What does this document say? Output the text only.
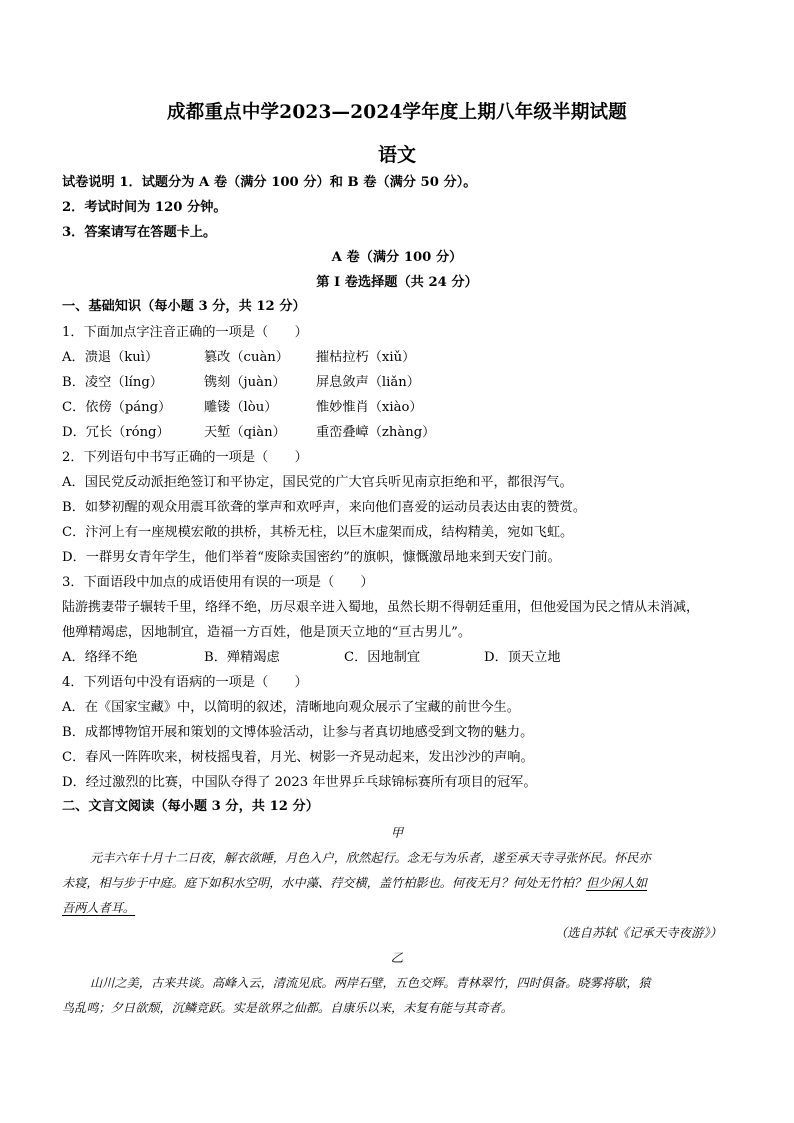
成都重点中学2023—2024学年度上期八年级半期试题
语文
试卷说明 1．试题分为 A 卷（满分 100 分）和 B 卷（满分 50 分）。
2．考试时间为 120 分钟。
3．答案请写在答题卡上。
A 卷（满分 100 分）
第 I 卷选择题（共 24 分）
一、基础知识（每小题 3 分，共 12 分）
1．下面加点字注音正确的一项是（　　）
A．溃退（kuì）	篡改（cuàn） 摧枯拉朽（xiǔ）
B．凌空（líng）	镌刻（juàn） 屏息敛声（liǎn）
C．依傍（páng） 雕镂（lòu）	惟妙惟肖（xiào）
D．冗长（róng）	天堑（qiàn） 重峦叠嶂（zhàng）
2．下列语句中书写正确的一项是（　　）
A．国民党反动派拒绝签订和平协定，国民党的广大官兵听见南京拒绝和平，都很泻气。
B．如梦初醒的观众用震耳欲聋的掌声和欢呼声，来向他们喜爱的运动员表达由衷的赞赏。
C．汴河上有一座规模宏敞的拱桥，其桥无柱，以巨木虚架而成，结构精美，宛如飞虹。
D．一群男女青年学生，他们举着“废除卖国密约”的旗帜，慷慨激昂地来到天安门前。
3．下面语段中加点的成语使用有误的一项是（　　）
陆游携妻带子辗转千里，络绎不绝，历尽艰辛进入蜀地，虽然长期不得朝廷重用，但他爱国为民之情从未消减，
他殚精竭虑，因地制宜，造福一方百姓，他是顶天立地的“亘古男儿”。
A．络绎不绝	B．殚精竭虑	C．因地制宜	D．顶天立地
4．下列语句中没有语病的一项是（　　）
A．在《国家宝藏》中，以简明的叙述，清晰地向观众展示了宝藏的前世今生。
B．成都博物馆开展和策划的文博体验活动，让参与者真切地感受到文物的魅力。
C．春风一阵阵吹来，树枝摇曳着，月光、树影一齐晃动起来，发出沙沙的声响。
D．经过激烈的比赛，中国队夺得了 2023 年世界乒乓球锦标赛所有项目的冠军。
二、文言文阅读（每小题 3 分，共 12 分）
甲
元丰六年十月十二日夜，解衣欲睡，月色入户，欣然起行。念无与为乐者，遂至承天寺寻张怀民。怀民亦
未寝，相与步于中庭。庭下如积水空明，水中藻、荇交横，盖竹柏影也。何夜无月？何处无竹柏？但少闲人如
吾两人者耳。
（选自苏轼《记承天寺夜游》）
乙
山川之美，古来共谈。高峰入云，清流见底。两岸石壁，五色交辉。青林翠竹，四时俱备。晓雾将歇，猿
鸟乱鸣；夕日欲颓，沉鳞竞跃。实是欲界之仙都。自康乐以来，未复有能与其奇者。
